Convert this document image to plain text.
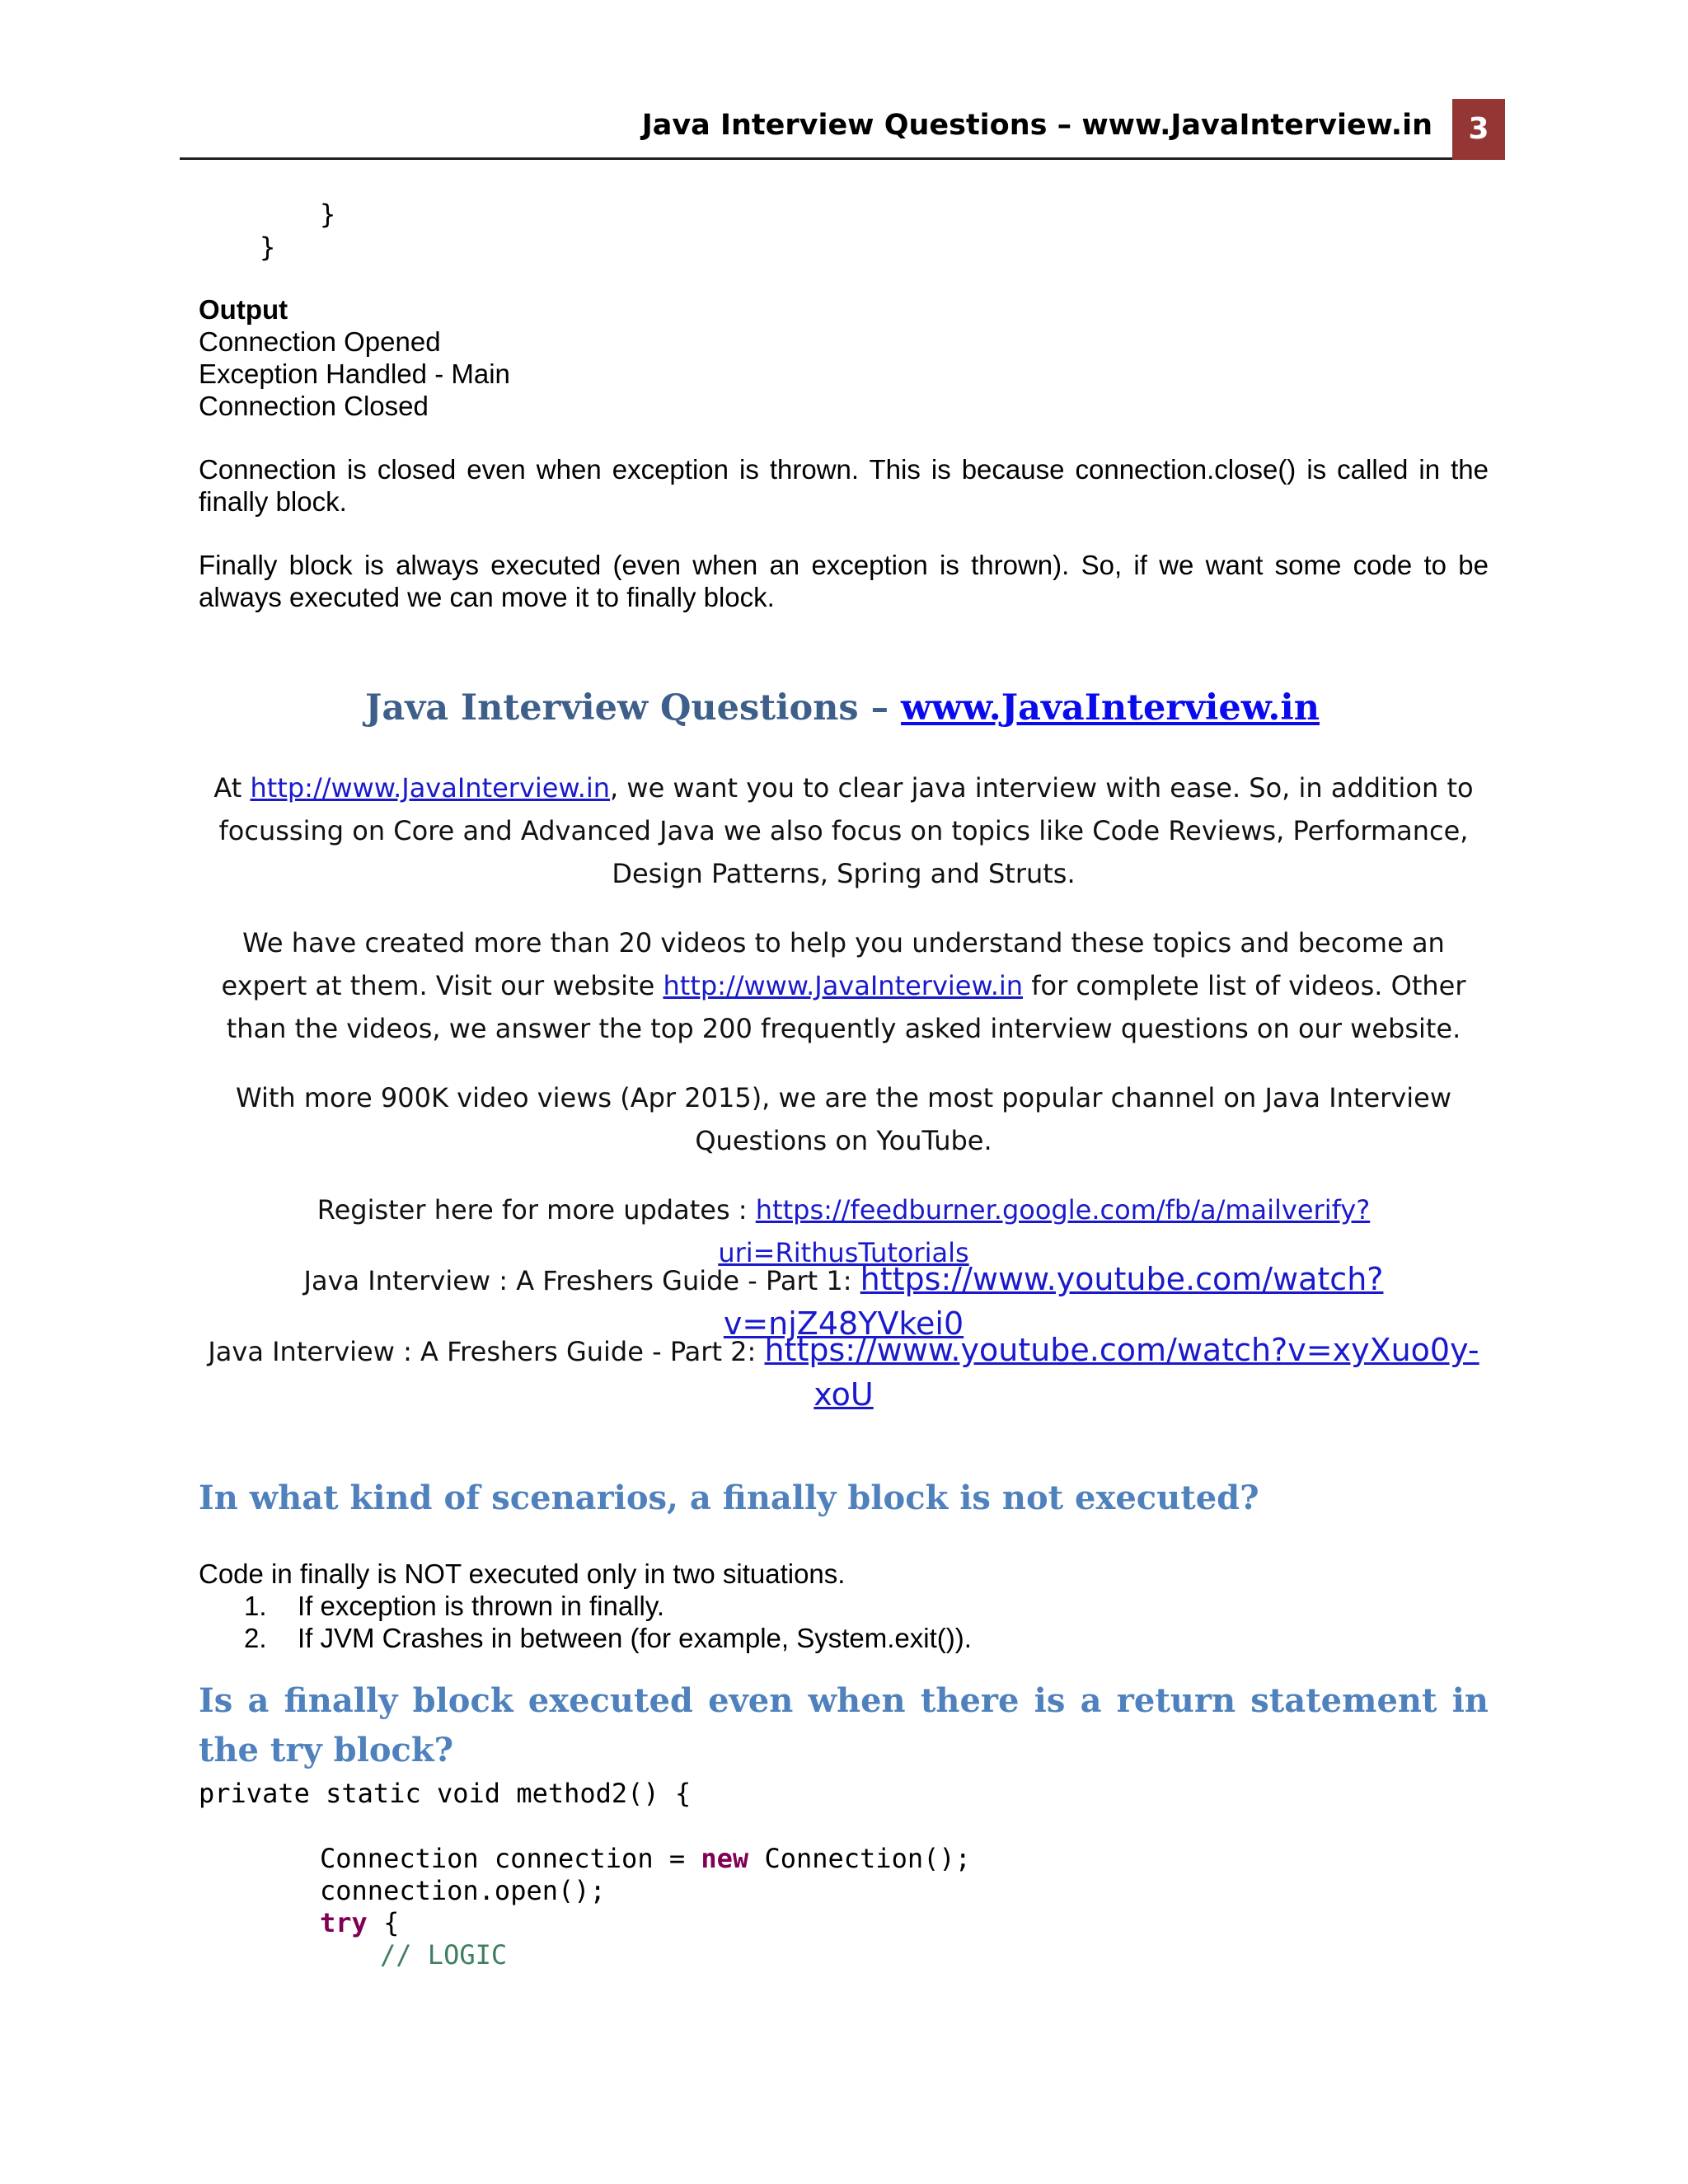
Java Interview Questions – www.JavaInterview.in	3
}
}
Output
Connection Opened
Exception Handled - Main
Connection Closed
Connection is closed even when exception is thrown. This is because connection.close() is called in the finally block.
Finally block is always executed (even when an exception is thrown). So, if we want some code to be always executed we can move it to finally block.
Java Interview Questions – www.JavaInterview.in
At http://www.JavaInterview.in, we want you to clear java interview with ease. So, in addition to focussing on Core and Advanced Java we also focus on topics like Code Reviews, Performance, Design Patterns, Spring and Struts.
We have created more than 20 videos to help you understand these topics and become an expert at them. Visit our website http://www.JavaInterview.in for complete list of videos. Other than the videos, we answer the top 200 frequently asked interview questions on our website.
With more 900K video views (Apr 2015), we are the most popular channel on Java Interview Questions on YouTube.
Register here for more updates : https://feedburner.google.com/fb/a/mailverify?uri=RithusTutorials
Java Interview : A Freshers Guide - Part 1: https://www.youtube.com/watch?v=njZ48YVkei0
Java Interview : A Freshers Guide - Part 2: https://www.youtube.com/watch?v=xyXuo0y-xoU
In what kind of scenarios, a finally block is not executed?
Code in finally is NOT executed only in two situations.
1. If exception is thrown in finally.
2. If JVM Crashes in between (for example, System.exit()).
Is a finally block executed even when there is a return statement in the try block?
private static void method2() {
Connection connection = new Connection();
connection.open();
try {
// LOGIC
